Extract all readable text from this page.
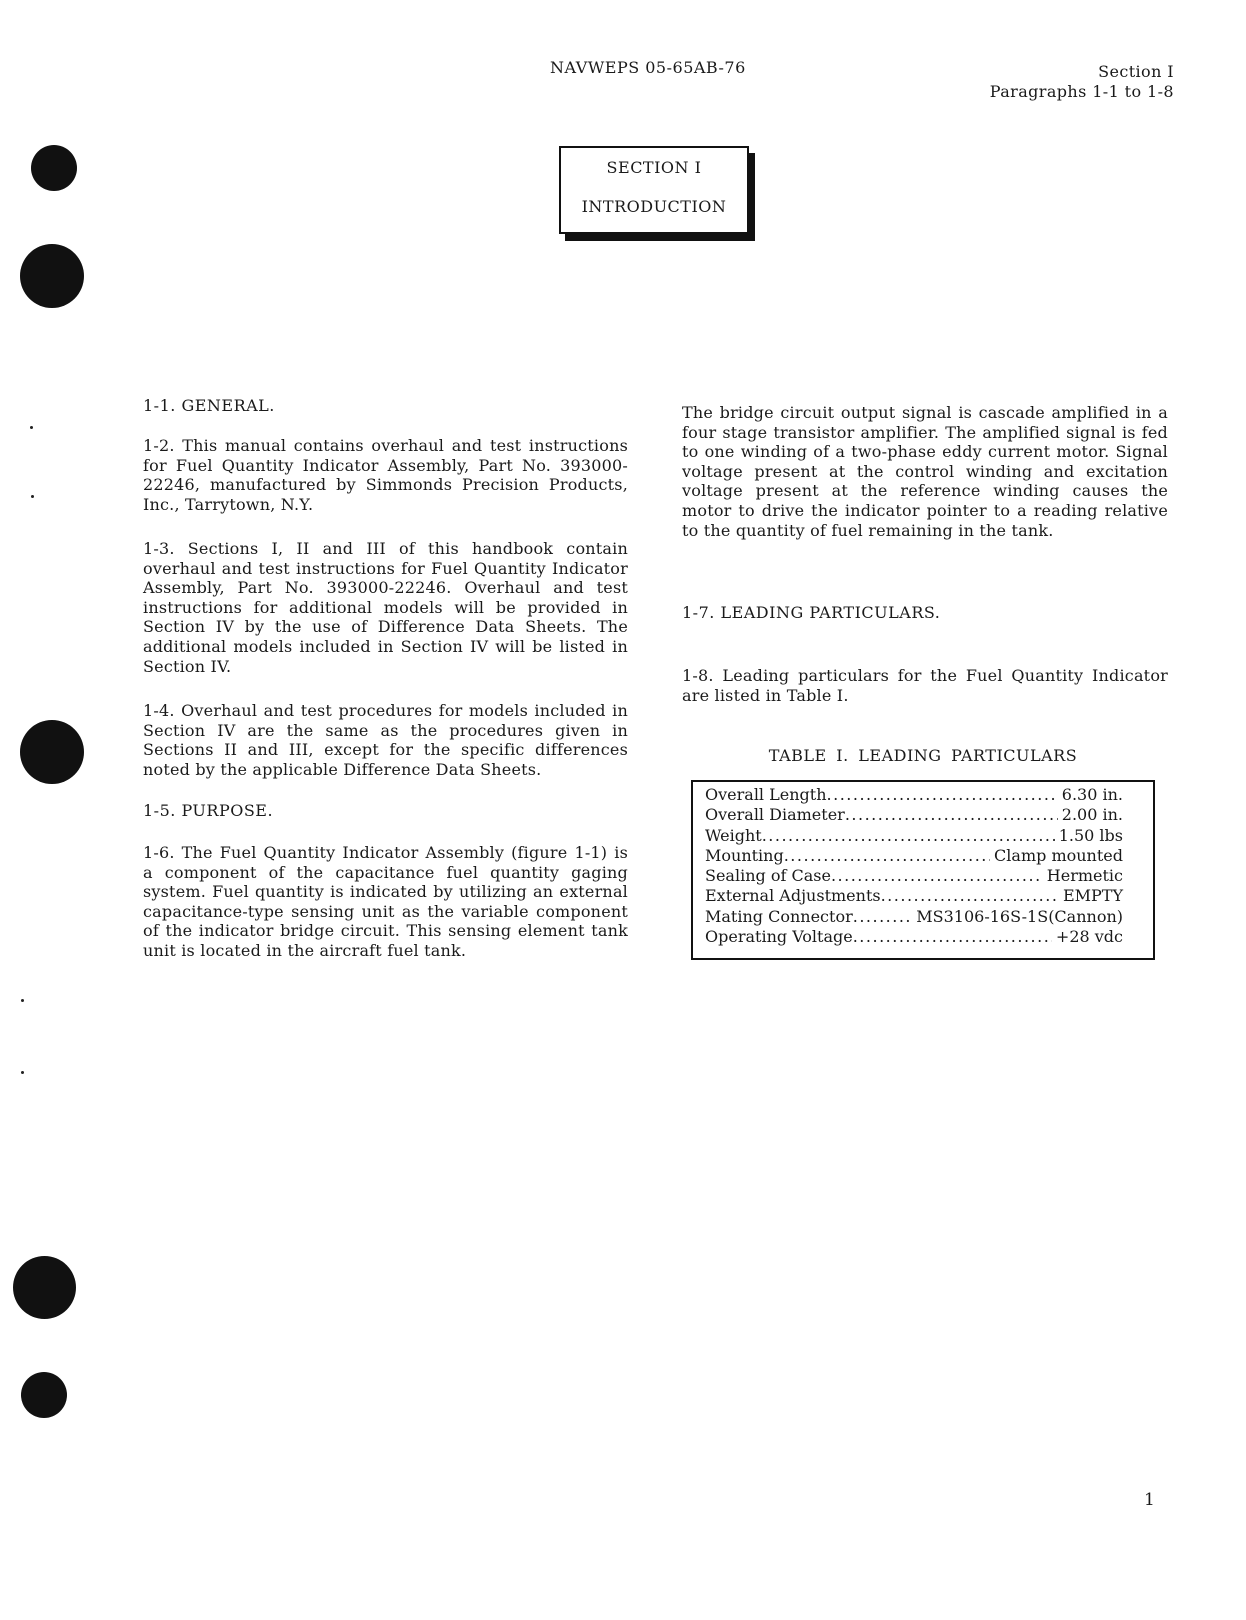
NAVWEPS 05-65AB-76	Section I
Paragraphs 1-1 to 1-8
SECTION I
INTRODUCTION
1-1. GENERAL.

1-2. This manual contains overhaul and test instructions for Fuel Quantity Indicator Assembly, Part No. 393000-22246, manufactured by Simmonds Precision Products, Inc., Tarrytown, N.Y.

1-3. Sections I, II and III of this handbook contain overhaul and test instructions for Fuel Quantity Indicator Assembly, Part No. 393000-22246. Overhaul and test instructions for additional models will be provided in Section IV by the use of Difference Data Sheets. The additional models included in Section IV will be listed in Section IV.

1-4. Overhaul and test procedures for models included in Section IV are the same as the procedures given in Sections II and III, except for the specific differences noted by the applicable Difference Data Sheets.

1-5. PURPOSE.

1-6. The Fuel Quantity Indicator Assembly (figure 1-1) is a component of the capacitance fuel quantity gaging system. Fuel quantity is indicated by utilizing an external capacitance-type sensing unit as the variable component of the indicator bridge circuit. This sensing element tank unit is located in the aircraft fuel tank.

The bridge circuit output signal is cascade amplified in a four stage transistor amplifier. The amplified signal is fed to one winding of a two-phase eddy current motor. Signal voltage present at the control winding and excitation voltage present at the reference winding causes the motor to drive the indicator pointer to a reading relative to the quantity of fuel remaining in the tank.

1-7. LEADING PARTICULARS.

1-8. Leading particulars for the Fuel Quantity Indicator are listed in Table I.

TABLE I. LEADING PARTICULARS
Overall Length .....	6.30 in.
Overall Diameter .....	2.00 in.
Weight .....	1.50 lbs
Mounting .....	Clamp mounted
Sealing of Case .....	Hermetic
External Adjustments .....	EMPTY
Mating Connector .....	MS3106-16S-1S(Cannon)
Operating Voltage .....	+28 vdc
1
